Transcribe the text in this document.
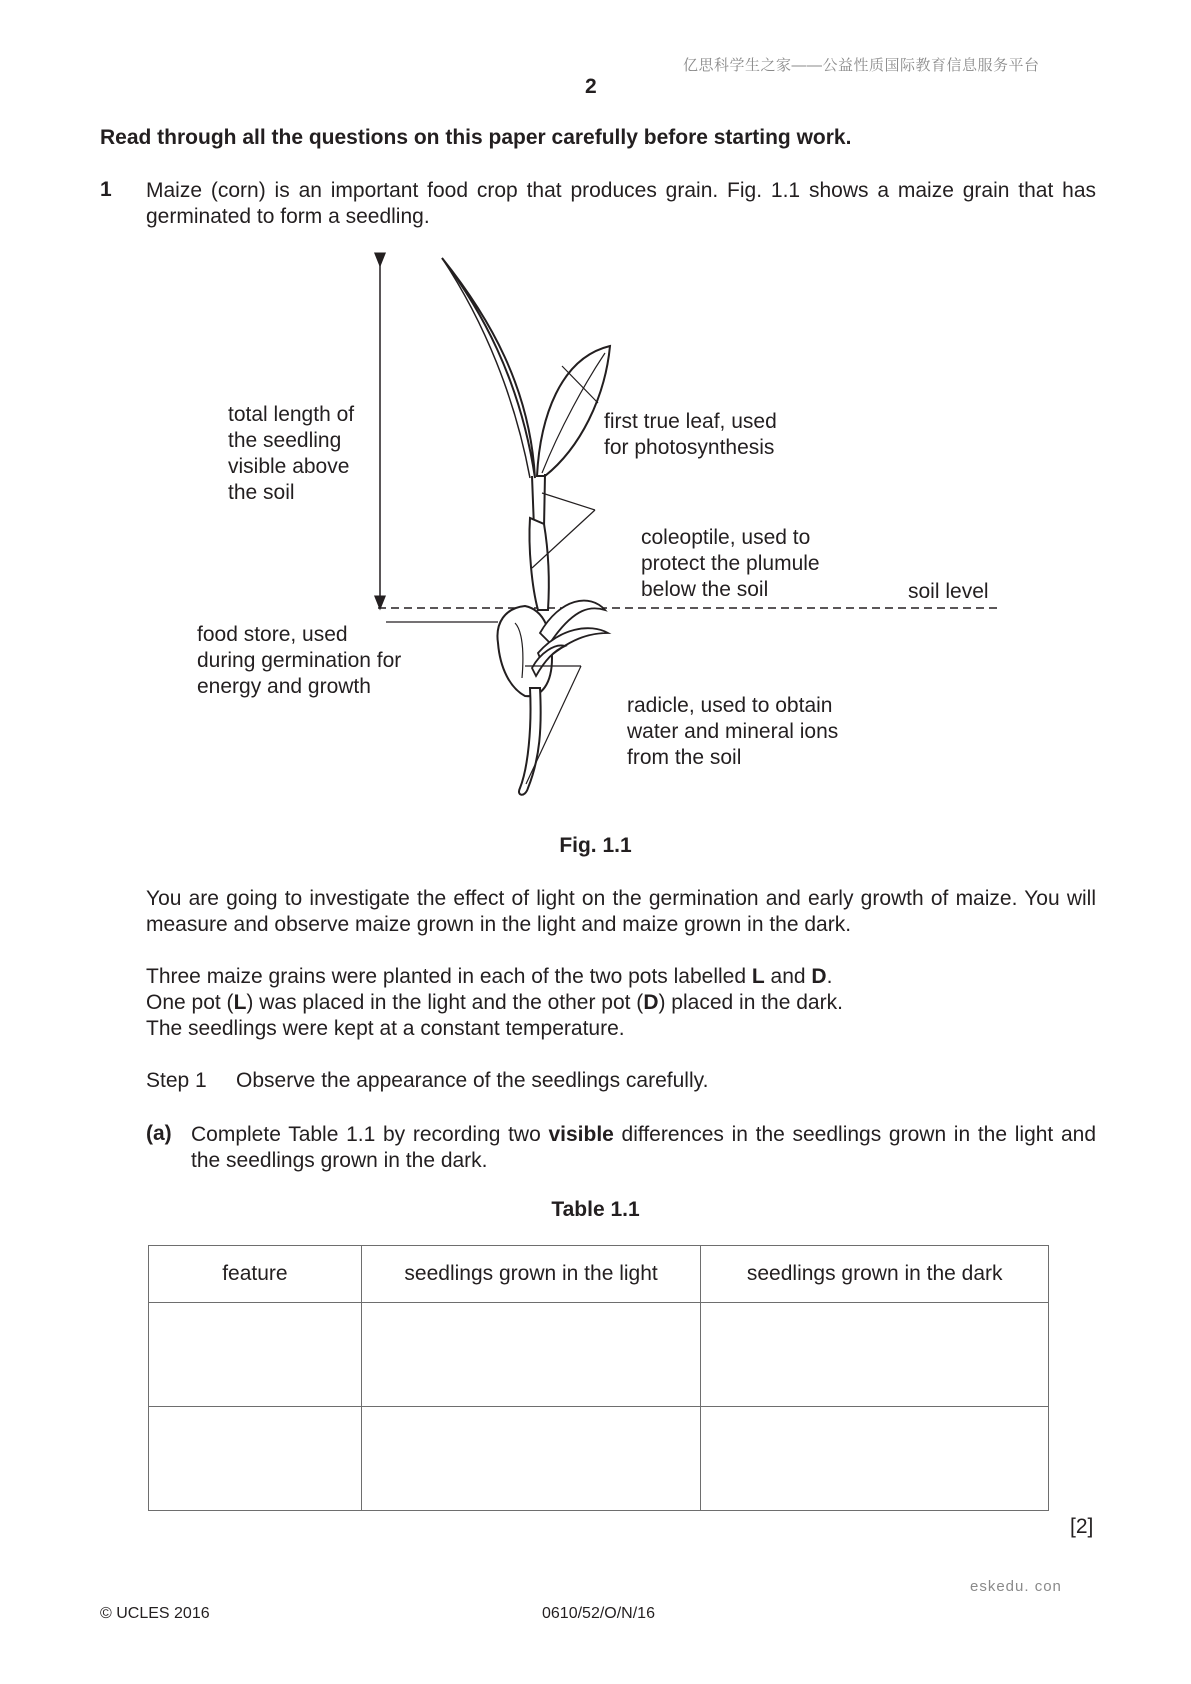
亿思科学生之家——公益性质国际教育信息服务平台
2
Read through all the questions on this paper carefully before starting work.
1 Maize (corn) is an important food crop that produces grain. Fig. 1.1 shows a maize grain that has germinated to form a seedling.
total length of the seedling visible above the soil
first true leaf, used for photosynthesis
coleoptile, used to protect the plumule below the soil	soil level
food store, used during germination for energy and growth
radicle, used to obtain water and mineral ions from the soil
Fig. 1.1
You are going to investigate the effect of light on the germination and early growth of maize. You will measure and observe maize grown in the light and maize grown in the dark.
Three maize grains were planted in each of the two pots labelled L and D.
One pot (L) was placed in the light and the other pot (D) placed in the dark.
The seedlings were kept at a constant temperature.
Step 1 Observe the appearance of the seedlings carefully.
(a) Complete Table 1.1 by recording two visible differences in the seedlings grown in the light and the seedlings grown in the dark.
Table 1.1
feature	seedlings grown in the light	seedlings grown in the dark

[2]
eskedu. con
© UCLES 2016	0610/52/O/N/16
